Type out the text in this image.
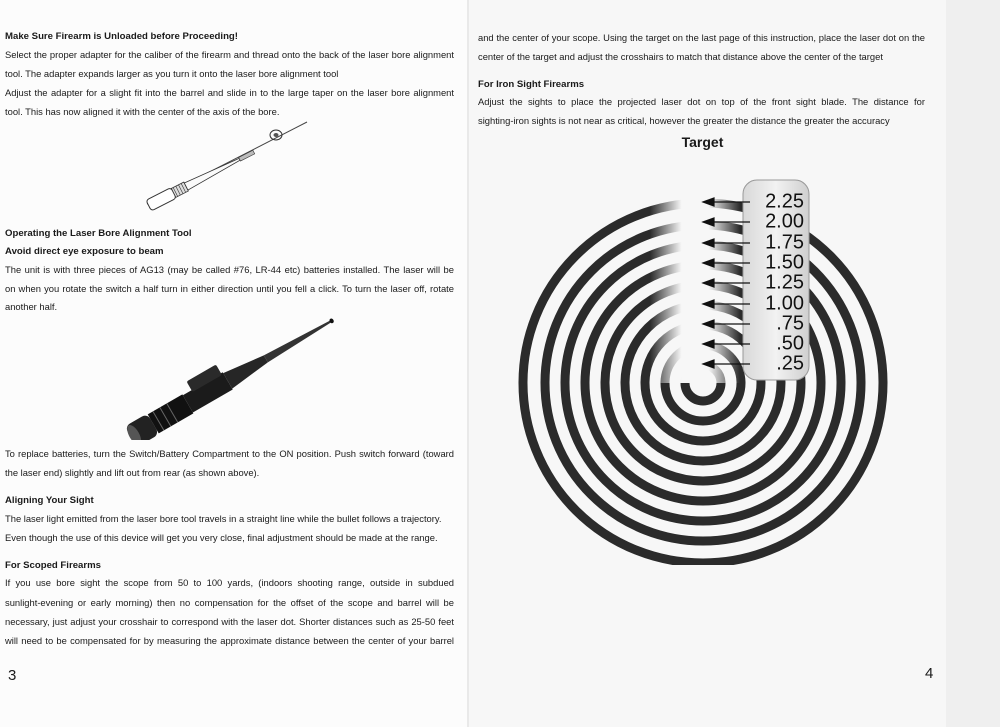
Make Sure Firearm is Unloaded before Proceeding!

Select the proper adapter for the caliber of the firearm and thread onto the back of the laser bore alignment

tool. The adapter expands larger as you turn it onto the laser bore alignment tool

Adjust the adapter for a slight fit into the barrel and slide in to the large taper on the laser bore alignment

tool. This has now aligned it with the center of the axis of the bore.

Operating the Laser Bore Alignment Tool
Avoid direct eye exposure to beam

The unit is with three pieces of AG13 (may be called #76, LR-44 etc) batteries installed. The laser will be

on when you rotate the switch a half turn in either direction until you fell a click. To turn the laser off, rotate

another half.

To replace batteries, turn the Switch/Battery Compartment to the ON position. Push switch forward (toward

the laser end) slightly and lift out from rear (as shown above).

Aligning Your Sight

The laser light emitted from the laser bore tool travels in a straight line while the bullet follows a trajectory.

Even though the use of this device will get you very close, final adjustment should be made at the range.

For Scoped Firearms

If you use bore sight the scope from 50 to 100 yards, (indoors shooting range, outside in subdued

sunlight-evening or early morning) then no compensation for the offset of the scope and barrel will be

necessary, just adjust your crosshair to correspond with the laser dot. Shorter distances such as 25-50 feet

will need to be compensated for by measuring the approximate distance between the center of your barrel

3

and the center of your scope. Using the target on the last page of this instruction, place the laser dot on the

center of the target and adjust the crosshairs to match that distance above the center of the target

For Iron Sight Firearms

Adjust the sights to place the projected laser dot on top of the front sight blade. The distance for

sighting-iron sights is not near as critical, however the greater the distance the greater the accuracy

Target
2.25
2.00
1.75
1.50
1.25
1.00
.75
.50
.25
4
